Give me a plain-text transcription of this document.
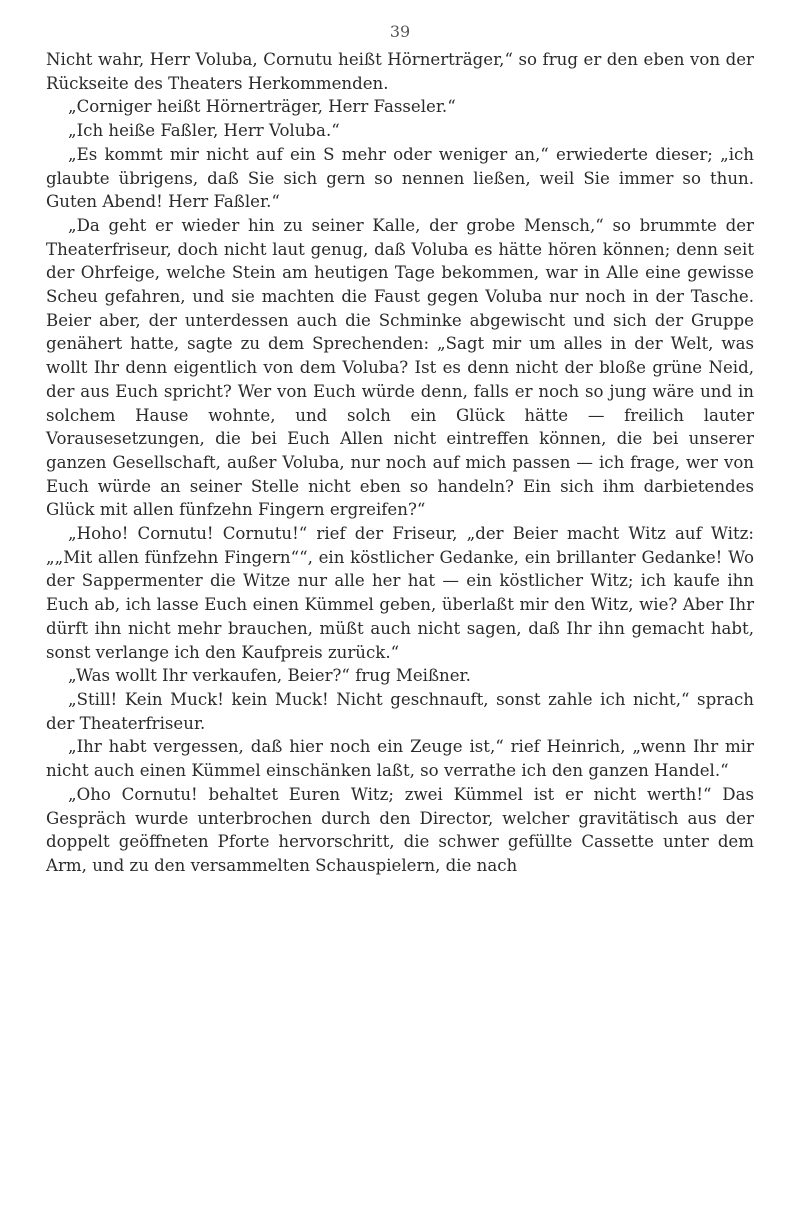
39

Nicht wahr, Herr Voluba, Cornutu heißt Hörnerträger,“ so frug er den eben von der Rückseite des Theaters Herkommenden.

„Corniger heißt Hörnerträger, Herr Fasseler.“

„Ich heiße Faßler, Herr Voluba.“

„Es kommt mir nicht auf ein S mehr oder weniger an,“ erwiederte dieser; „ich glaubte übrigens, daß Sie sich gern so nennen ließen, weil Sie immer so thun. Guten Abend! Herr Faßler.“

„Da geht er wieder hin zu seiner Kalle, der grobe Mensch,“ so brummte der Theaterfriseur, doch nicht laut genug, daß Voluba es hätte hören können; denn seit der Ohrfeige, welche Stein am heutigen Tage bekommen, war in Alle eine gewisse Scheu gefahren, und sie machten die Faust gegen Voluba nur noch in der Tasche. Beier aber, der unterdessen auch die Schminke abgewischt und sich der Gruppe genähert hatte, sagte zu dem Sprechenden: „Sagt mir um alles in der Welt, was wollt Ihr denn eigentlich von dem Voluba? Ist es denn nicht der bloße grüne Neid, der aus Euch spricht? Wer von Euch würde denn, falls er noch so jung wäre und in solchem Hause wohnte, und solch ein Glück hätte — freilich lauter Vorausesetzungen, die bei Euch Allen nicht eintreffen können, die bei unserer ganzen Gesellschaft, außer Voluba, nur noch auf mich passen — ich frage, wer von Euch würde an seiner Stelle nicht eben so handeln? Ein sich ihm darbietendes Glück mit allen fünfzehn Fingern ergreifen?“

„Hoho! Cornutu! Cornutu!“ rief der Friseur, „der Beier macht Witz auf Witz: „„Mit allen fünfzehn Fingern““, ein köstlicher Gedanke, ein brillanter Gedanke! Wo der Sappermenter die Witze nur alle her hat — ein köstlicher Witz; ich kaufe ihn Euch ab, ich lasse Euch einen Kümmel geben, überlaßt mir den Witz, wie? Aber Ihr dürft ihn nicht mehr brauchen, müßt auch nicht sagen, daß Ihr ihn gemacht habt, sonst verlange ich den Kaufpreis zurück.“

„Was wollt Ihr verkaufen, Beier?“ frug Meißner.

„Still! Kein Muck! kein Muck! Nicht geschnauft, sonst zahle ich nicht,“ sprach der Theaterfriseur.

„Ihr habt vergessen, daß hier noch ein Zeuge ist,“ rief Heinrich, „wenn Ihr mir nicht auch einen Kümmel einschänken laßt, so verrathe ich den ganzen Handel.“

„Oho Cornutu! behaltet Euren Witz; zwei Kümmel ist er nicht werth!“ Das Gespräch wurde unterbrochen durch den Director, welcher gravitätisch aus der doppelt geöffneten Pforte hervorschritt, die schwer gefüllte Cassette unter dem Arm, und zu den versammelten Schauspielern, die nach
